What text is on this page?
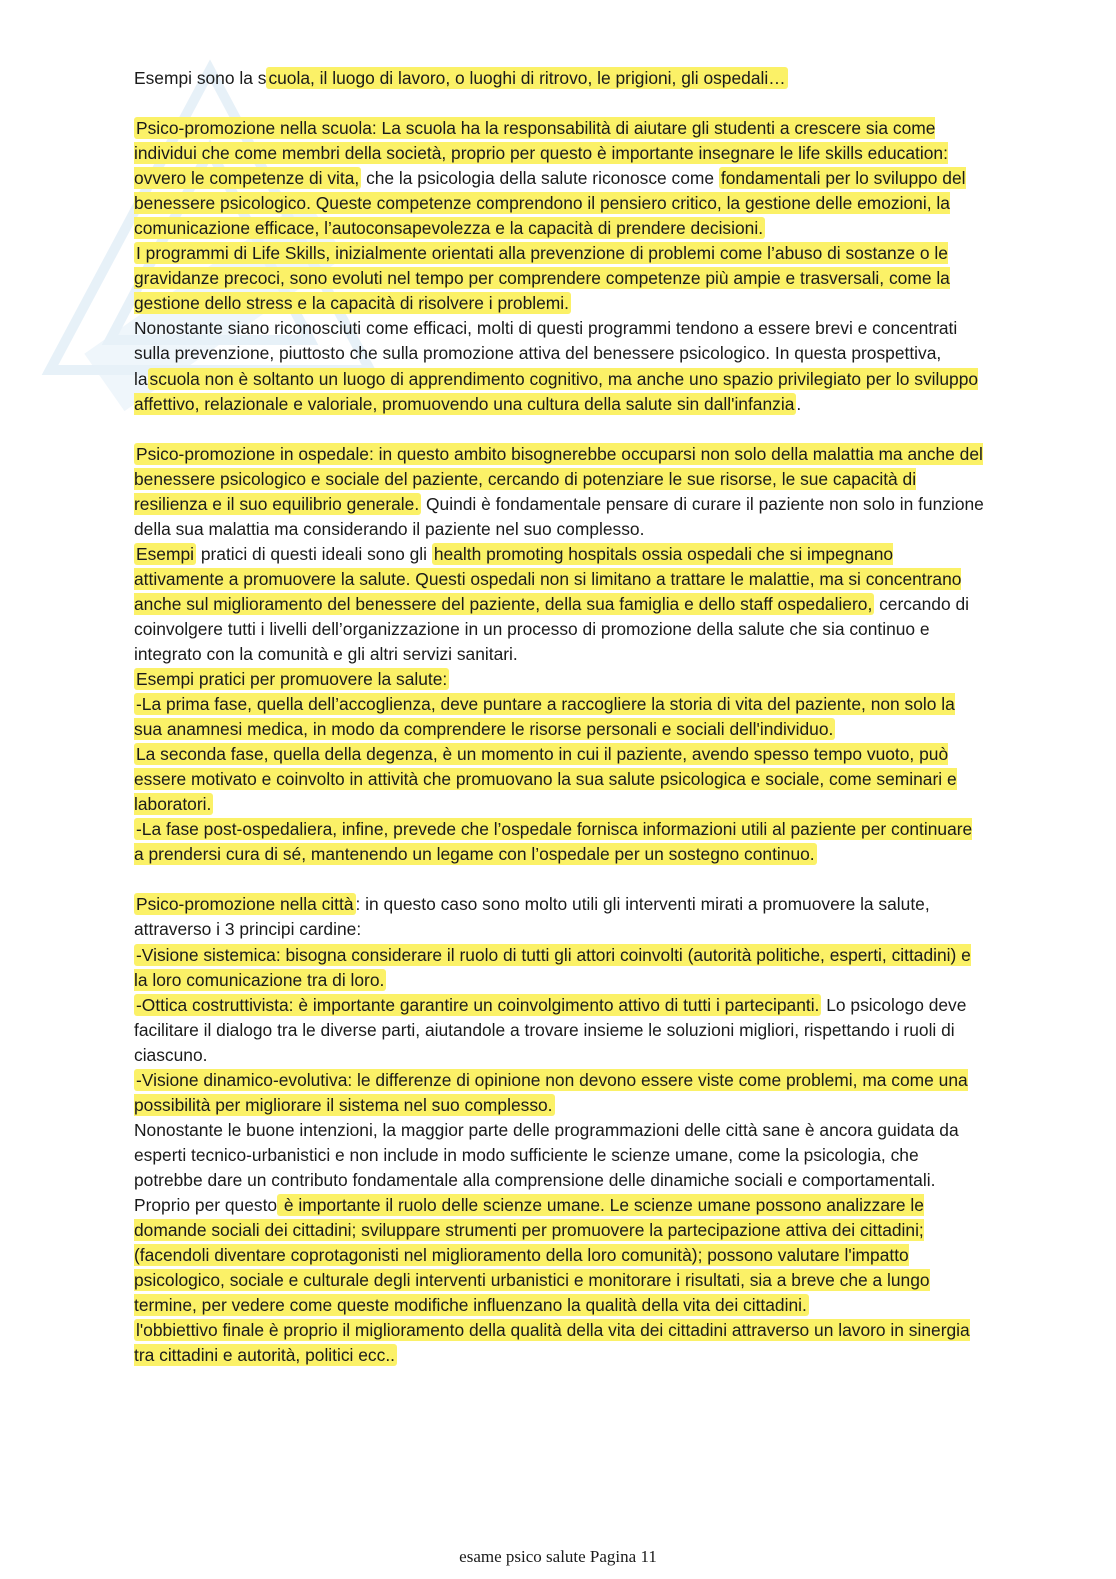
Esempi sono la s cuola, il luogo di lavoro, o luoghi di ritrovo, le prigioni, gli ospedali…

Psico-promozione nella scuola: La scuola ha la responsabilità di aiutare gli studenti a crescere sia come individui che come membri della società, proprio per questo è importante insegnare le life skills education: ovvero le competenze di vita, che la psicologia della salute riconosce come fondamentali per lo sviluppo del benessere psicologico. Queste competenze comprendono il pensiero critico, la gestione delle emozioni, la comunicazione efficace, l’autoconsapevolezza e la capacità di prendere decisioni.

I programmi di Life Skills, inizialmente orientati alla prevenzione di problemi come l’abuso di sostanze o le gravidanze precoci, sono evoluti nel tempo per comprendere competenze più ampie e trasversali, come la gestione dello stress e la capacità di risolvere i problemi.

Nonostante siano riconosciuti come efficaci, molti di questi programmi tendono a essere brevi e concentrati sulla prevenzione, piuttosto che sulla promozione attiva del benessere psicologico. In questa prospettiva, la scuola non è soltanto un luogo di apprendimento cognitivo, ma anche uno spazio privilegiato per lo sviluppo affettivo, relazionale e valoriale, promuovendo una cultura della salute sin dall'infanzia .

Psico-promozione in ospedale: in questo ambito bisognerebbe occuparsi non solo della malattia ma anche del benessere psicologico e sociale del paziente, cercando di potenziare le sue risorse, le sue capacità di resilienza e il suo equilibrio generale. Quindi è fondamentale pensare di curare il paziente non solo in funzione della sua malattia ma considerando il paziente nel suo complesso.

Esempi pratici di questi ideali sono gli health promoting hospitals ossia ospedali che si impegnano attivamente a promuovere la salute. Questi ospedali non si limitano a trattare le malattie, ma si concentrano anche sul miglioramento del benessere del paziente, della sua famiglia e dello staff ospedaliero, cercando di coinvolgere tutti i livelli dell’organizzazione in un processo di promozione della salute che sia continuo e integrato con la comunità e gli altri servizi sanitari.

Esempi pratici per promuovere la salute:

-La prima fase, quella dell’accoglienza, deve puntare a raccogliere la storia di vita del paziente, non solo la sua anamnesi medica, in modo da comprendere le risorse personali e sociali dell'individuo.

La seconda fase, quella della degenza, è un momento in cui il paziente, avendo spesso tempo vuoto, può essere motivato e coinvolto in attività che promuovano la sua salute psicologica e sociale, come seminari e laboratori.

-La fase post-ospedaliera, infine, prevede che l’ospedale fornisca informazioni utili al paziente per continuare a prendersi cura di sé, mantenendo un legame con l’ospedale per un sostegno continuo.

Psico-promozione nella città : in questo caso sono molto utili gli interventi mirati a promuovere la salute, attraverso i 3 principi cardine:

-Visione sistemica: bisogna considerare il ruolo di tutti gli attori coinvolti (autorità politiche, esperti, cittadini) e la loro comunicazione tra di loro.

-Ottica costruttivista: è importante garantire un coinvolgimento attivo di tutti i partecipanti. Lo psicologo deve facilitare il dialogo tra le diverse parti, aiutandole a trovare insieme le soluzioni migliori, rispettando i ruoli di ciascuno.

-Visione dinamico-evolutiva: le differenze di opinione non devono essere viste come problemi, ma come una possibilità per migliorare il sistema nel suo complesso.

Nonostante le buone intenzioni, la maggior parte delle programmazioni delle città sane è ancora guidata da esperti tecnico-urbanistici e non include in modo sufficiente le scienze umane, come la psicologia, che potrebbe dare un contributo fondamentale alla comprensione delle dinamiche sociali e comportamentali.

Proprio per questo è importante il ruolo delle scienze umane. Le scienze umane possono analizzare le domande sociali dei cittadini; sviluppare strumenti per promuovere la partecipazione attiva dei cittadini; (facendoli diventare coprotagonisti nel miglioramento della loro comunità); possono valutare l'impatto psicologico, sociale e culturale degli interventi urbanistici e monitorare i risultati, sia a breve che a lungo termine, per vedere come queste modifiche influenzano la qualità della vita dei cittadini.

l'obbiettivo finale è proprio il miglioramento della qualità della vita dei cittadini attraverso un lavoro in sinergia tra cittadini e autorità, politici ecc..

esame psico salute Pagina 11
